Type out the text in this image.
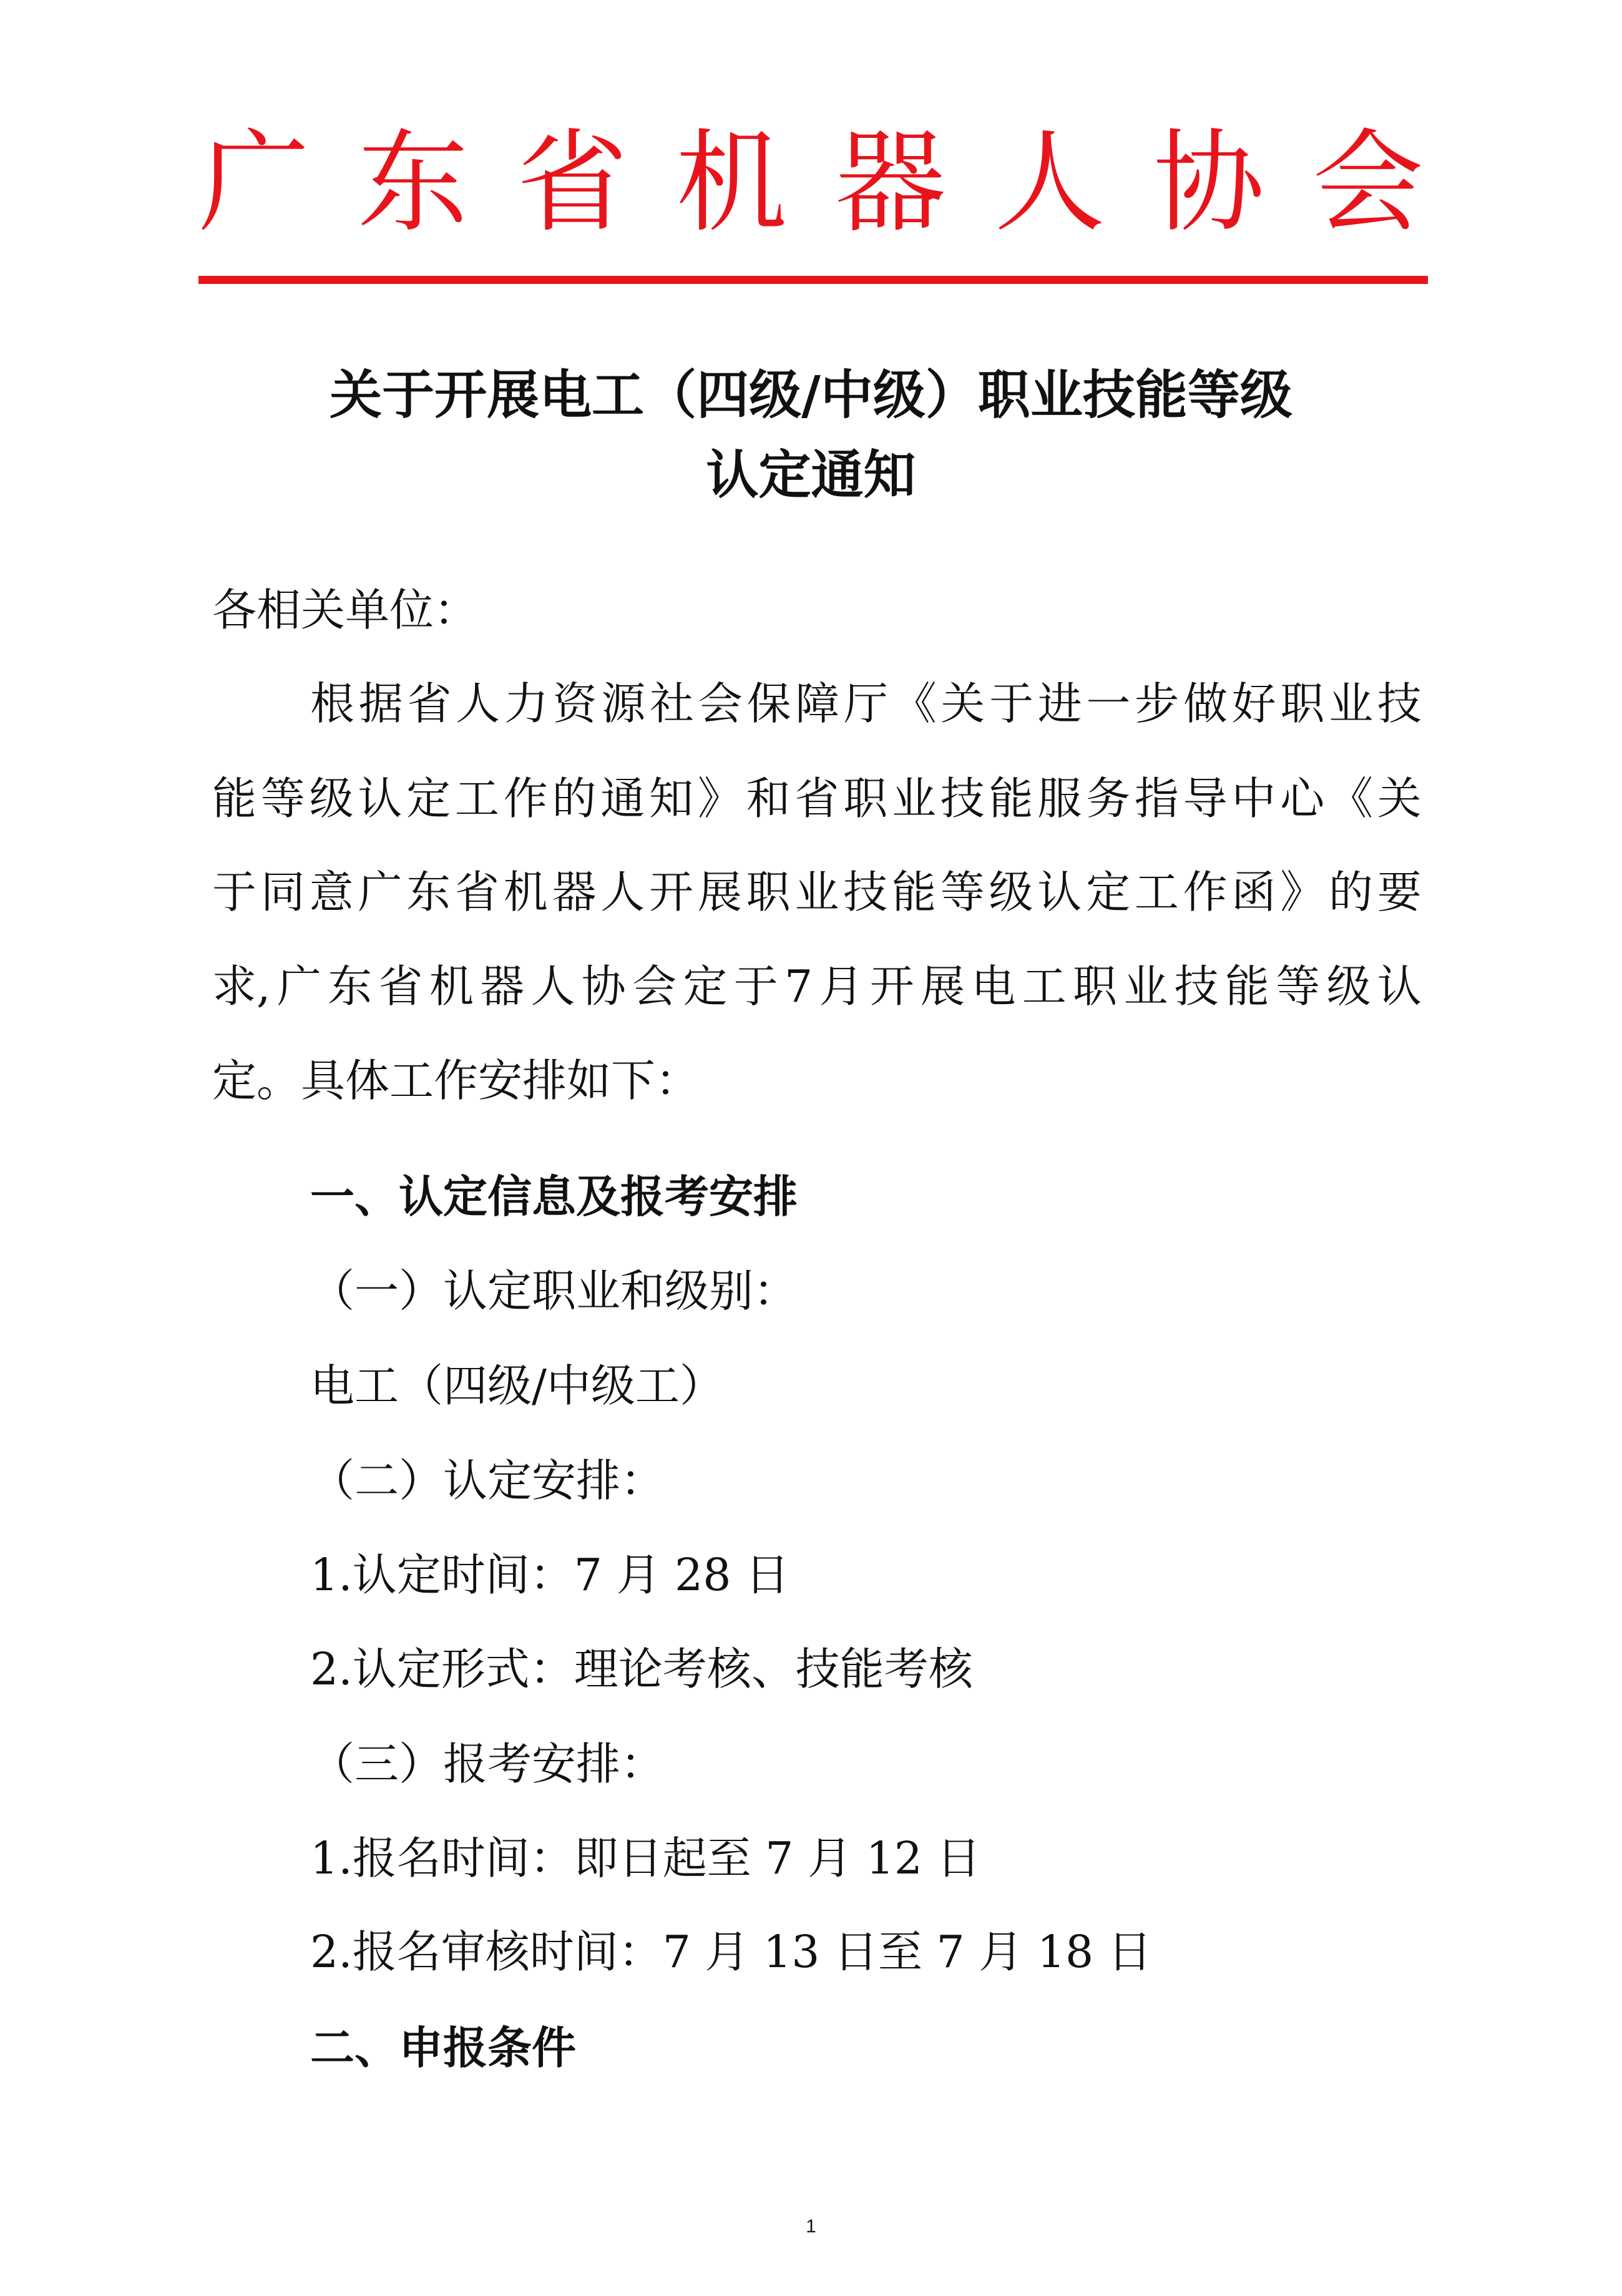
广 东 省 机 器 人 协 会
关于开展电工（四级/中级）职业技能等级
认定通知
各相关单位：
根 据 省 人 力 资 源 社 会 保 障 厅 《 关 于 进 一 步 做 好 职 业 技
能 等 级 认 定 工 作 的 通 知 》 和 省 职 业 技 能 服 务 指 导 中 心 《 关
于 同 意 广 东 省 机 器 人 开 展 职 业 技 能 等 级 认 定 工 作 函 》 的 要
求, 广 东 省 机 器 人 协 会 定 于 7 月 开 展 电 工 职 业 技 能 等 级 认
定。具体工作安排如下：
一、认定信息及报考安排
（一）认定职业和级别：
电工（四级/中级工）
（二）认定安排：
1.认定时间：7 月 28 日
2.认定形式：理论考核、技能考核
（三）报考安排：
1.报名时间：即日起至 7 月 12 日
2.报名审核时间：7 月 13 日至 7 月 18 日
二、申报条件
1
